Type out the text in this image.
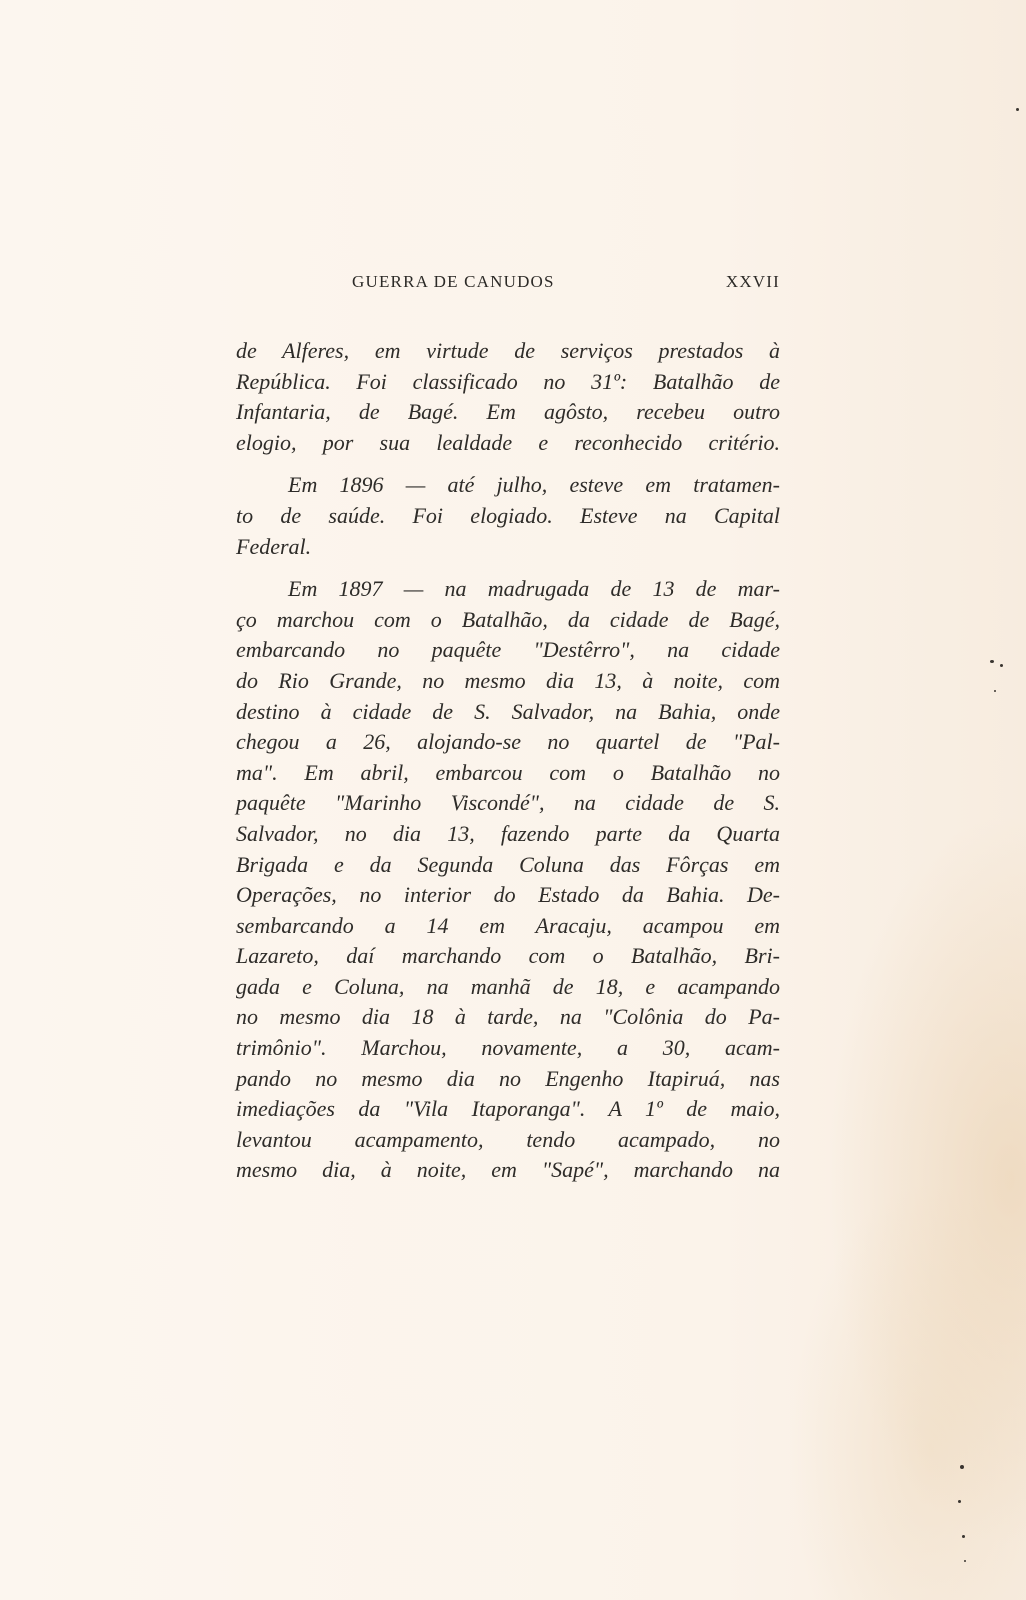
GUERRA DE CANUDOS	XXVII
de Alferes, em virtude de serviços prestados à
República. Foi classificado no 31º: Batalhão de
Infantaria, de Bagé. Em agôsto, recebeu outro
elogio, por sua lealdade e reconhecido critério.
Em 1896 — até julho, esteve em tratamen-
to de saúde. Foi elogiado. Esteve na Capital
Federal.
Em 1897 — na madrugada de 13 de mar-
ço marchou com o Batalhão, da cidade de Bagé,
embarcando no paquête "Destêrro", na cidade
do Rio Grande, no mesmo dia 13, à noite, com
destino à cidade de S. Salvador, na Bahia, onde
chegou a 26, alojando-se no quartel de "Pal-
ma". Em abril, embarcou com o Batalhão no
paquête "Marinho Viscondé", na cidade de S.
Salvador, no dia 13, fazendo parte da Quarta
Brigada e da Segunda Coluna das Fôrças em
Operações, no interior do Estado da Bahia. De-
sembarcando a 14 em Aracaju, acampou em
Lazareto, daí marchando com o Batalhão, Bri-
gada e Coluna, na manhã de 18, e acampando
no mesmo dia 18 à tarde, na "Colônia do Pa-
trimônio". Marchou, novamente, a 30, acam-
pando no mesmo dia no Engenho Itapiruá, nas
imediações da "Vila Itaporanga". A 1º de maio,
levantou acampamento, tendo acampado, no
mesmo dia, à noite, em "Sapé", marchando na
